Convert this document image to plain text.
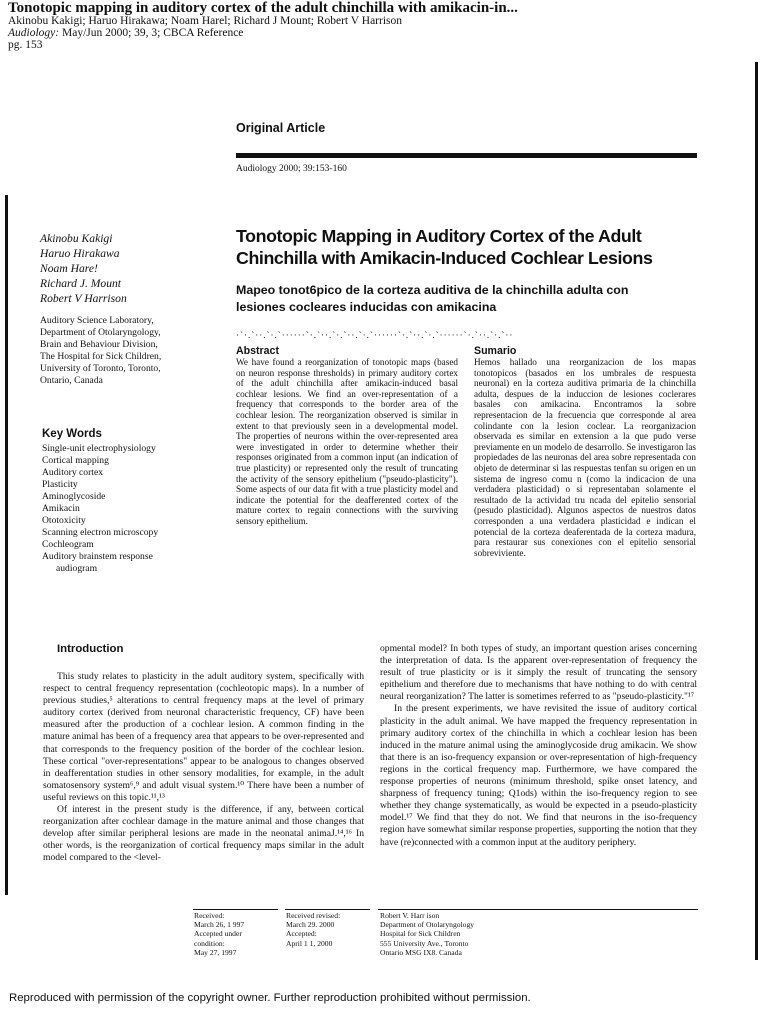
Tonotopic mapping in auditory cortex of the adult chinchilla with amikacin-in...
Akinobu Kakigi; Haruo Hirakawa; Noam Harel; Richard J Mount; Robert V Harrison
Audiology: May/Jun 2000; 39, 3; CBCA Reference
pg. 153
Original Article
Audiology 2000; 39:153-160
Akinobu Kakigi
Haruo Hirakawa
Noam Hare!
Richard J. Mount
Robert V Harrison

Auditory Science Laboratory,

Department of Otolaryngology,

Brain and Behaviour Division,

The Hospital for Sick Children,

University of Toronto, Toronto,

Ontario, Canada

Key Words
Single-unit electrophysiology
Cortical mapping
Auditory cortex
Plasticity
Aminoglycoside
Amikacin
Ototoxicity
Scanning electron microscopy
Cochleogram
Auditory brainstem response
audiogram
Tonotopic Mapping in Auditory Cortex of the Adult Chinchilla with Amikacin-Induced Cochlear Lesions
Mapeo tonot6pico de la corteza auditiva de la chinchilla adulta con lesiones cocleares inducidas con amikacina
·`·.`··.`·.`······`·.`··.`·.`··.`·.`······`·.`··.`·.`······`·.`··.`·.`··
Abstract
We have found a reorganization of tonotopic maps (based on neuron response thresholds) in primary auditory cortex of the adult chinchilla after amikacin-induced basal cochlear lesions. We find an over-representation of a frequency that corresponds to the border area of the cochlear lesion. The reorganization observed is similar in extent to that previously seen in a developmental model. The properties of neurons within the over-represented area were investigated in order to determine whether their responses originated from a common input (an indication of true plasticity) or represented only the result of truncating the activity of the sensory epithelium ("pseudo-plasticity"). Some aspects of our data fit with a true plasticity model and indicate the potential for the deafferented cortex of the mature cortex to regain connections with the surviving sensory epithelium.
Sumario
Hemos hallado una reorganizacion de los mapas tonotopicos (basados en los umbrales de respuesta neuronal) en la corteza auditiva primaria de la chinchilla adulta, despues de la induccion de lesiones coclerares basales con amikacina. Encontramos la sobre representacion de la frecuencia que corresponde al area colindante con la lesion coclear. La reorganizacion observada es similar en extension a la que pudo verse previamente en un modelo de desarrollo. Se investigaron las propiedades de las neuronas del area sobre representada con objeto de determinar si las respuestas tenfan su origen en un sistema de ingreso comu n (como la indicacion de una verdadera plasticidad) o si representaban solamente el resultado de la actividad tru ncada del epitelio sensorial (pesudo plasticidad). Algunos aspectos de nuestros datos corresponden a una verdadera plasticidad e indican el potencial de la corteza deaferentada de la corteza madura, para restaurar sus conexiones con el epitelio sensorial sobreviviente.
Introduction

This study relates to plasticity in the adult auditory system, specifically with respect to central frequency representation (cochleotopic maps). In a number of previous studies,⁵ alterations to central frequency maps at the level of primary auditory cortex (derived from neuronal characteristic frequency, CF) have been measured after the production of a cochlear lesion. A common finding in the mature animal has been of a frequency area that appears to be over-represented and that corresponds to the frequency position of the border of the cochlear lesion. These cortical "over-representations" appear to be analogous to changes observed in deafferentation studies in other sensory modalities, for example, in the adult somatosensory system⁶,⁹ and adult visual system.¹⁰ There have been a number of useful reviews on this topic.¹¹,¹³

Of interest in the present study is the difference, if any, between cortical reorganization after cochlear damage in the mature animal and those changes that develop after similar peripheral lesions are made in the neonatal animaJ.¹⁴,¹⁶ In other words, is the reorganization of cortical frequency maps similar in the adult model compared to the <level-

opmental model? In both types of study, an important question arises concerning the interpretation of data. Is the apparent over-representation of frequency the result of true plasticity or is it simply the result of truncating the sensory epithelium and therefore due to mechanisms that have nothing to do with central neural reorganization? The latter is sometimes referred to as "pseudo-plasticity."¹⁷

In the present experiments, we have revisited the issue of auditory cortical plasticity in the adult animal. We have mapped the frequency representation in primary auditory cortex of the chinchilla in which a cochlear lesion has been induced in the mature animal using the aminoglycoside drug amikacin. We show that there is an iso-frequency expansion or over-representation of high-frequency regions in the cortical frequency map. Furthermore, we have compared the response properties of neurons (minimum threshold, spike onset latency, and sharpness of frequency tuning; Q1ods) within the iso-frequency region to see whether they change systematically, as would be expected in a pseudo-plasticity model.¹⁷ We find that they do not. We find that neurons in the iso-frequency region have somewhat similar response properties, supporting the notion that they have (re)connected with a common input at the auditory periphery.

Received:
March 26, 1 997
Accepted under
condition:
May 27, 1997
Received revised:
March 29. 2000
Accepted:
April 1 1, 2000
Robert V. Harr ison
Department of Otolaryngology
Hospital for Sick Children
555 University Ave., Toronto
Ontario MSG IX8. Canada
Reproduced with permission of the copyright owner. Further reproduction prohibited without permission.
